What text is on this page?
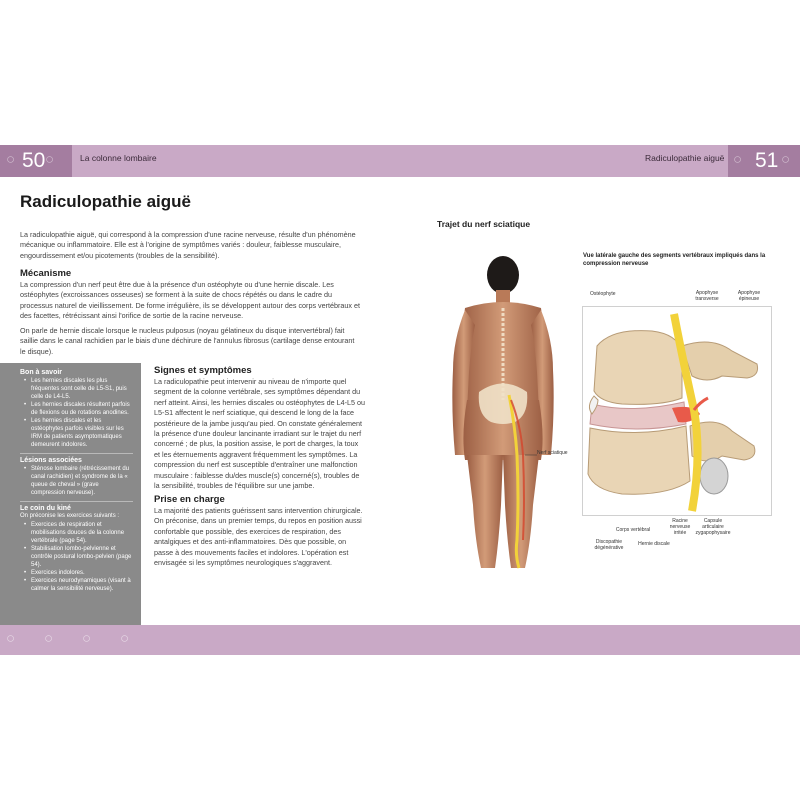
○ ○	○	○
50	La colonne lombaire	Radiculopathie aiguë 51
Radiculopathie aiguë

La radiculopathie aiguë, qui correspond à la compression d'une racine nerveuse, résulte d'un phénomène mécanique ou inflammatoire. Elle est à l'origine de symptômes variés : douleur, faiblesse musculaire, engourdissement et/ou picotements (troubles de la sensibilité).

Mécanisme

La compression d'un nerf peut être due à la présence d'un ostéophyte ou d'une hernie discale. Les ostéophytes (excroissances osseuses) se forment à la suite de chocs répétés ou dans le cadre du processus naturel de vieillissement. De forme irrégulière, ils se développent autour des corps vertébraux et des facettes, rétrécissant ainsi l'orifice de sortie de la racine nerveuse.

On parle de hernie discale lorsque le nucleus pulposus (noyau gélatineux du disque intervertébral) fait saillie dans le canal rachidien par le biais d'une déchirure de l'annulus fibrosus (cartilage dense entourant le disque).

Bon à savoir

• Les hernies discales les plus fréquentes sont celle de L5-S1, puis celle de L4-L5.
• Les hernies discales résultent parfois de flexions ou de rotations anodines.
• Les hernies discales et les ostéophytes parfois visibles sur les IRM de patients asymptomatiques demeurent indolores.

Lésions associées

• Sténose lombaire (rétrécissement du canal rachidien) et syndrome de la « queue de cheval » (grave compression nerveuse).

Le coin du kiné

On préconise les exercices suivants :

• Exercices de respiration et mobilisations douces de la colonne vertébrale (page 54).
• Stabilisation lombo-pelvienne et contrôle postural lombo-pelvien (page 54).
• Exercices indolores.
• Exercices neurodynamiques (visant à calmer la sensibilité nerveuse).
Signes et symptômes

La radiculopathie peut intervenir au niveau de n'importe quel segment de la colonne vertébrale, ses symptômes dépendant du nerf atteint. Ainsi, les hernies discales ou ostéophytes de L4-L5 ou L5-S1 affectent le nerf sciatique, qui descend le long de la face postérieure de la jambe jusqu'au pied. On constate généralement la présence d'une douleur lancinante irradiant sur le trajet du nerf concerné ; de plus, la position assise, le port de charges, la toux et les éternuements aggravent fréquemment les symptômes. La compression du nerf est susceptible d'entraîner une malfonction musculaire : faiblesse du/des muscle(s) concerné(s), troubles de la sensibilité, troubles de l'équilibre sur une jambe.

Prise en charge

La majorité des patients guérissent sans intervention chirurgicale. On préconise, dans un premier temps, du repos en position aussi confortable que possible, des exercices de respiration, des antalgiques et des anti-inflammatoires. Dès que possible, on passe à des mouvements faciles et indolores. L'opération est envisagée si les symptômes neurologiques s'aggravent.

Trajet du nerf sciatique
Nerf sciatique
Vue latérale gauche des segments vertébraux impliqués dans la compression nerveuse
Ostéophyte	Apophyse transverse
Apophyse épineuse
Discopathie dégénérative
Corps vertébral
Hernie discale
Racine nerveuse irritée
Capsule articulaire zygapophysaire
○ ○ ○ ○
